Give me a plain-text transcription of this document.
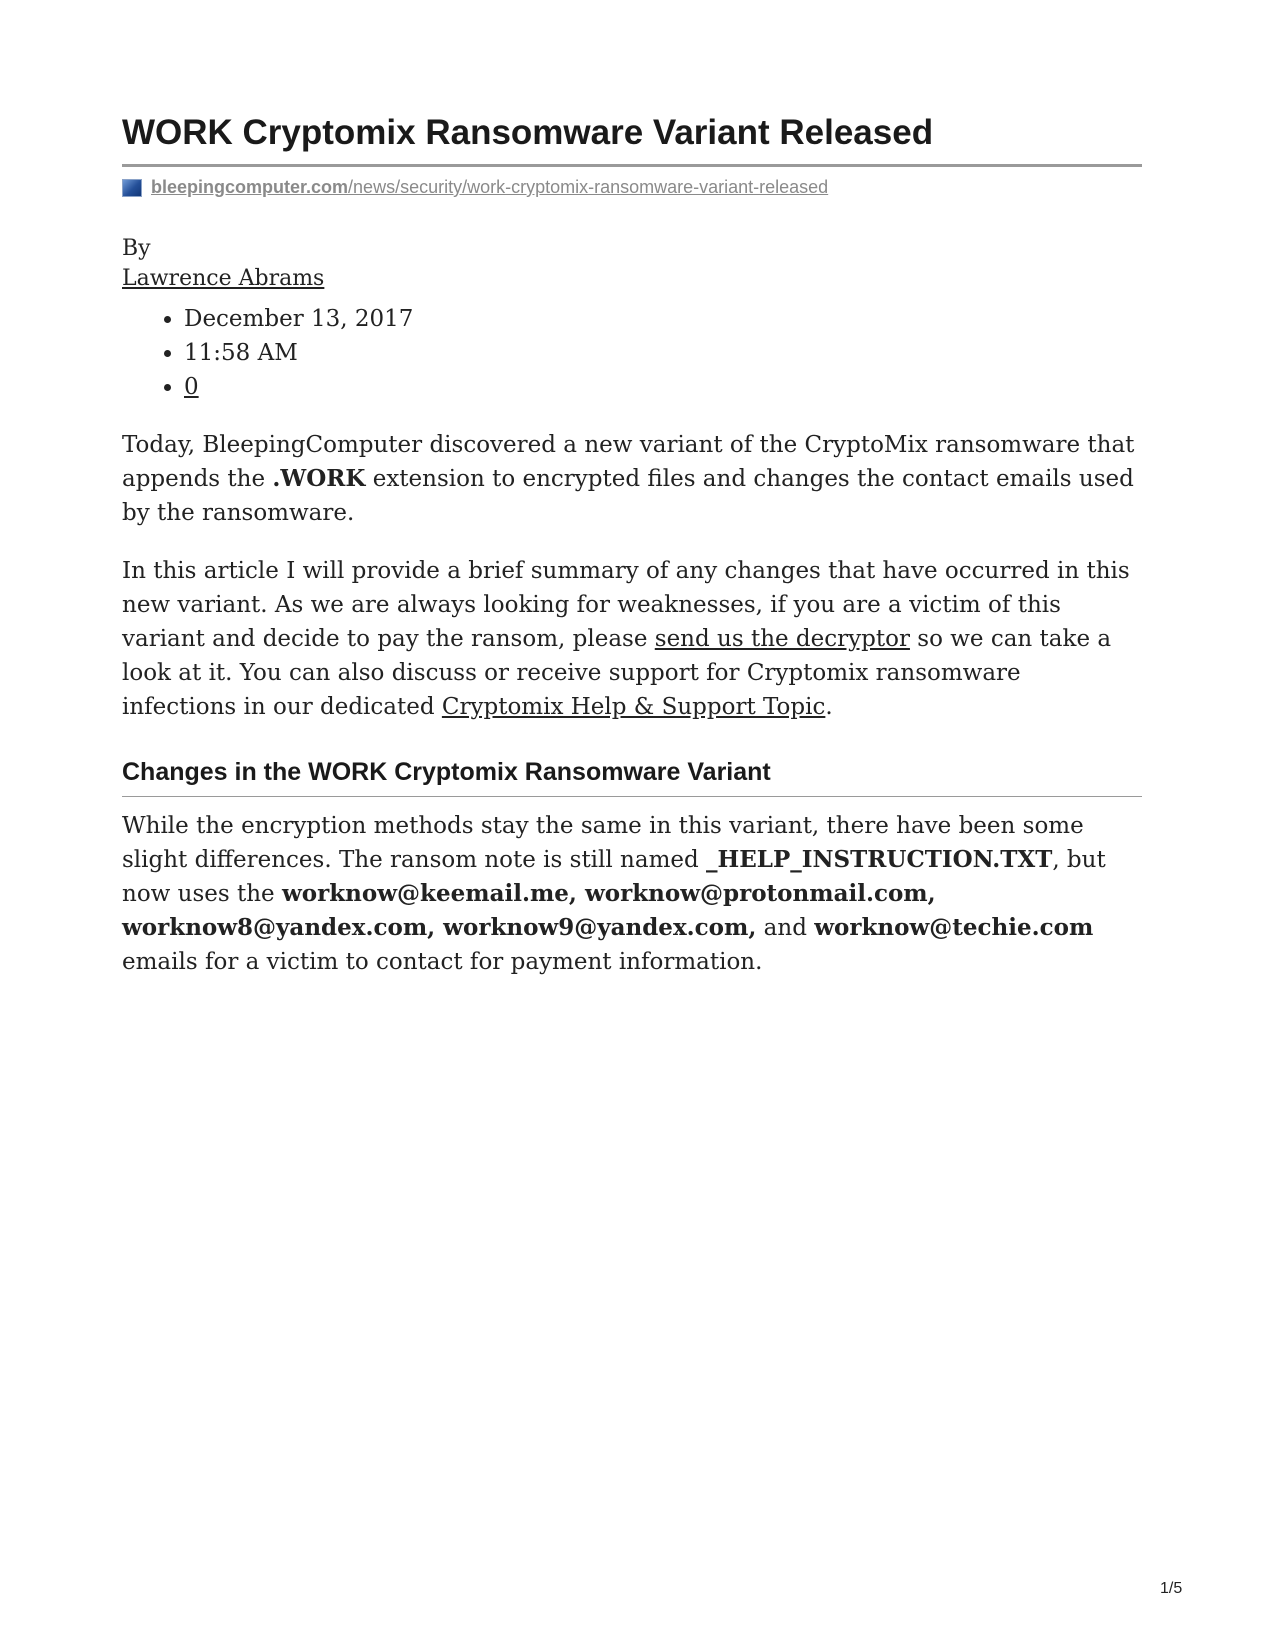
WORK Cryptomix Ransomware Variant Released
bleepingcomputer.com/news/security/work-cryptomix-ransomware-variant-released
By
Lawrence Abrams
• December 13, 2017
• 11:58 AM
• 0

Today, BleepingComputer discovered a new variant of the CryptoMix ransomware that appends the .WORK extension to encrypted files and changes the contact emails used by the ransomware.

In this article I will provide a brief summary of any changes that have occurred in this new variant. As we are always looking for weaknesses, if you are a victim of this variant and decide to pay the ransom, please send us the decryptor so we can take a look at it. You can also discuss or receive support for Cryptomix ransomware infections in our dedicated Cryptomix Help & Support Topic.

Changes in the WORK Cryptomix Ransomware Variant

While the encryption methods stay the same in this variant, there have been some slight differences. The ransom note is still named _HELP_INSTRUCTION.TXT, but now uses the worknow@keemail.me, worknow@protonmail.com, worknow8@yandex.com, worknow9@yandex.com, and worknow@techie.com emails for a victim to contact for payment information.

1/5
